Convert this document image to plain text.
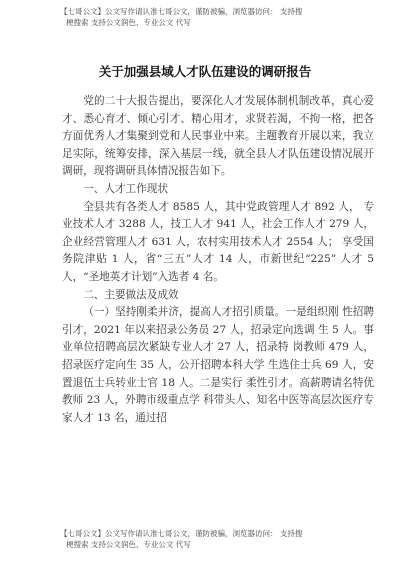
【七哥公文】公文写作请认准七哥公文，谨防被骗，浏览器访问： 支持搜
梗搜索 支持公文润色、专业公文 代写
关于加强县域人才队伍建设的调研报告

党的二十大报告提出，要深化人才发展体制机制改革，真心爱才、悉心育才、倾心引才、精心用才，求贤若渴，不拘一格，把各方面优秀人才集聚到党和人民事业中来。主题教育开展以来，我立足实际，统筹安排，深入基层一线，就全县人才队伍建设情况展开调研，现将调研具体情况报告如下。

一、人才工作现状

全县共有各类人才 8585 人，其中党政管理人才 892 人， 专业技术人才 3288 人，技工人才 941 人，社会工作人才 279 人，企业经营管理人才 631 人，农村实用技术人才 2554 人； 享受国务院津贴 1 人，省“三五”人才 14 人，市新世纪“225” 人才 5 人，“圣地英才计划”入选者 4 名。

二、主要做法及成效

（一）坚持刚柔并济，提高人才招引质量。一是组织刚 性招聘引才，2021 年以来招录公务员 27 人，招录定向选调 生 5 人。事业单位招聘高层次紧缺专业人才 27 人，招录特 岗教师 479 人，招录医疗定向生 35 人，公开招聘本科大学 生选住士兵 69 人，安置退伍士兵转业士官 18 人。二是实行 柔性引才。高薪聘请名特优教师 23 人，外聘市级重点学 科带头人、知名中医等高层次医疗专家人才 13 名，通过招

【七哥公文】公文写作请认准七哥公文，谨防被骗，浏览器访问： 支持搜
梗搜索 支持公文润色、专业公文 代写
